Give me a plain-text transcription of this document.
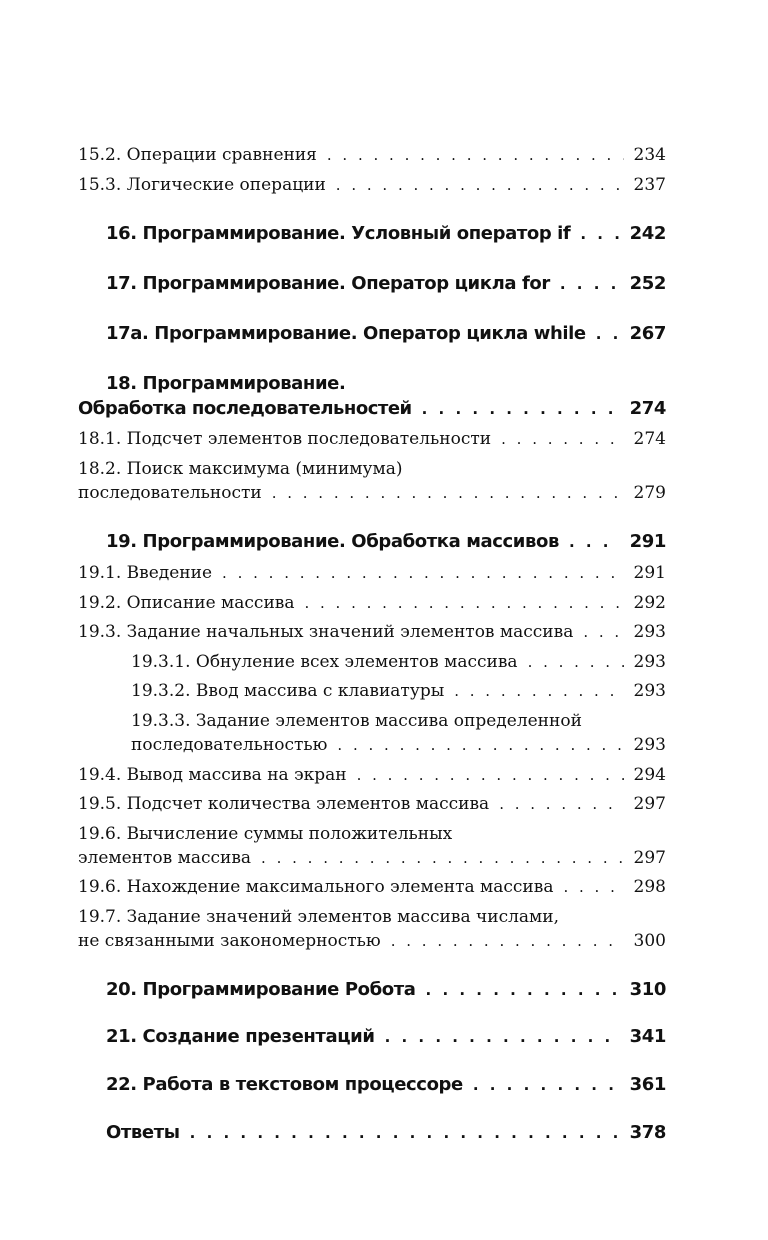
15.2. Операции сравнения . . .	234
15.3. Логические операции . . .	237
16. Программирование. Условный оператор if . . .	242
17. Программирование. Оператор цикла for . . .	252
17а. Программирование. Оператор цикла while . . . 267
18. Программирование.
Обработка последовательностей . . .	274
18.1. Подсчет элементов последовательности . . .	274
18.2. Поиск максимума (минимума)
последовательности . . .	279
19. Программирование. Обработка массивов . . .	291
19.1. Введение . . .	291
19.2. Описание массива . . .	292
19.3. Задание начальных значений элементов массива . . .	293
19.3.1. Обнуление всех элементов массива . . .	293
19.3.2. Ввод массива с клавиатуры . . .	293
19.3.3. Задание элементов массива определенной
последовательностью . . .	293
19.4. Вывод массива на экран . . .	294
19.5. Подсчет количества элементов массива . . .	297
19.6. Вычисление суммы положительных
элементов массива . . .	297
19.6. Нахождение максимального элемента массива . . .	298
19.7. Задание значений элементов массива числами,
не связанными закономерностью . . .	300
20. Программирование Робота . . .	310
21. Создание презентаций . . .	341
22. Работа в текстовом процессоре . . .	361
Ответы . . .	378
